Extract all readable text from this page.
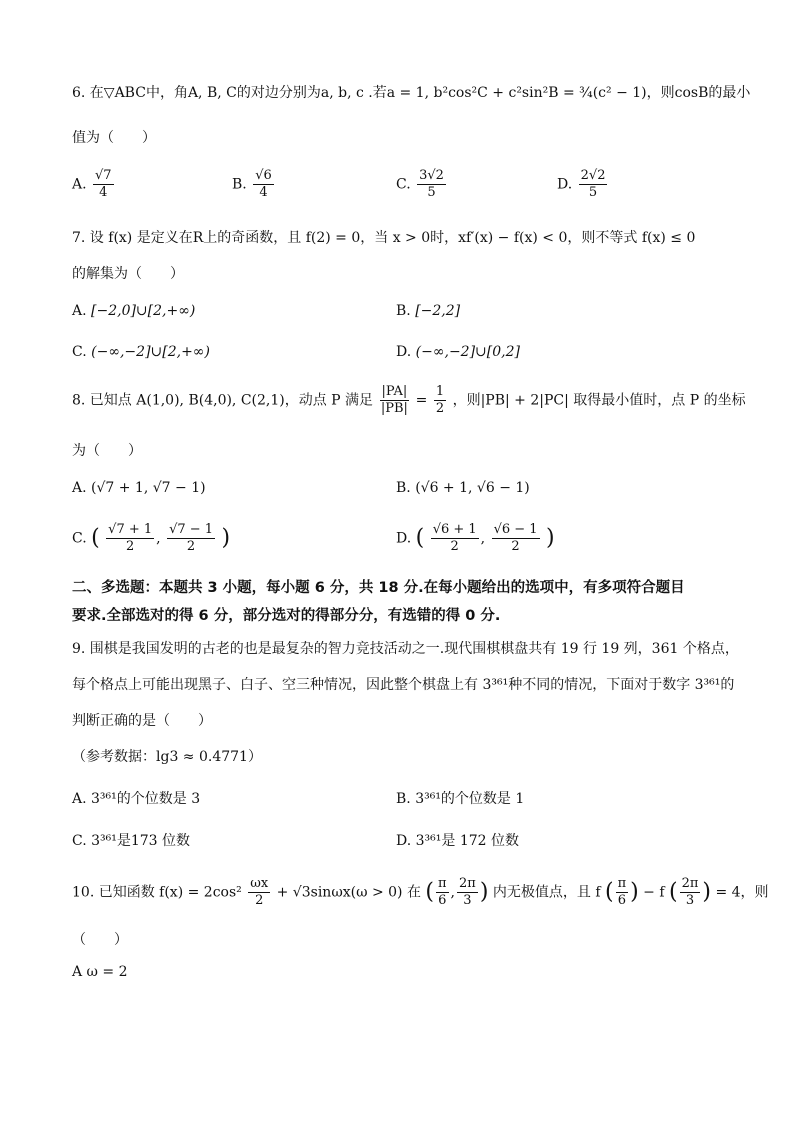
6. 在▽ABC中，角A, B, C的对边分别为a, b, c .若a = 1, b²cos²C + c²sin²B = ¾(c² − 1)，则cosB的最小
值为（　　）
A. $\frac{√7}{4}$	B. $\frac{√6}{4}$	C. $\frac{3√2}{5}$	D. $\frac{2√2}{5}$
7. 设 f(x) 是定义在R上的奇函数，且 f(2) = 0，当 x > 0时，xf′(x) − f(x) < 0，则不等式 f(x) ≤ 0
的解集为（　　）
A. [−2,0]∪[2,+∞)	B. [−2,2]
C. (−∞,−2]∪[2,+∞)	D. (−∞,−2]∪[0,2]
8. 已知点 A(1,0), B(4,0), C(2,1)，动点 P 满足 $\frac{|PA|}{|PB|} = \frac{1}{2}$ ，则|PB| + 2|PC| 取得最小值时，点 P 的坐标
为（　　）
A. (√7 + 1, √7 − 1)	B. (√6 + 1, √6 − 1)
C. ( $\frac{√7 + 1}{2}$ , $\frac{√7 - 1}{2}$ )	D. ( $\frac{√6 + 1}{2}$ , $\frac{√6 - 1}{2}$ )
二、多选题：本题共 3 小题，每小题 6 分，共 18 分.在每小题给出的选项中，有多项符合题目
要求.全部选对的得 6 分，部分选对的得部分分，有选错的得 0 分.
9. 围棋是我国发明的古老的也是最复杂的智力竞技活动之一.现代围棋棋盘共有 19 行 19 列，361 个格点，
每个格点上可能出现黑子、白子、空三种情况，因此整个棋盘上有 3³⁶¹种不同的情况，下面对于数字 3³⁶¹的
判断正确的是（　　）
（参考数据：lg3 ≈ 0.4771）
A. 3³⁶¹的个位数是 3	B. 3³⁶¹的个位数是 1
C. 3³⁶¹是173 位数	D. 3³⁶¹是 172 位数
10. 已知函数 $f(x) = 2\cos^2 \frac{\omega x}{2} + √3\sin\omega x(\omega > 0)$ 在 ( $\frac{\pi}{6}$ , $\frac{2\pi}{3}$ ) 内无极值点，且 f ( $\frac{\pi}{6}$ ) − f ( $\frac{2\pi}{3}$ ) = 4，则
（　　）
A ω = 2
